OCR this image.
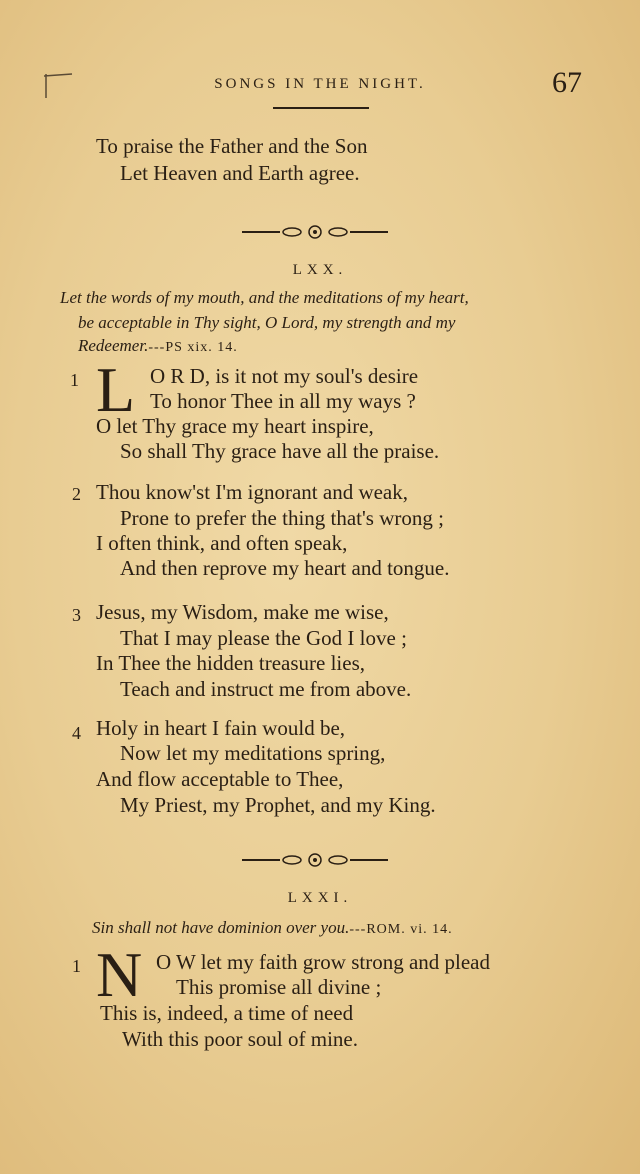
SONGS IN THE NIGHT.	67
To praise the Father and the Son
Let Heaven and Earth agree.
LXX.
Let the words of my mouth, and the meditations of my heart,
be acceptable in Thy sight, O Lord, my strength and my
Redeemer.---PS xix. 14.
1 L O R D, is it not my soul's desire
To honor Thee in all my ways ?
O let Thy grace my heart inspire,
So shall Thy grace have all the praise.
2 Thou know'st I'm ignorant and weak,
Prone to prefer the thing that's wrong ;
I often think, and often speak,
And then reprove my heart and tongue.
3 Jesus, my Wisdom, make me wise,
That I may please the God I love ;
In Thee the hidden treasure lies,
Teach and instruct me from above.
4 Holy in heart I fain would be,
Now let my meditations spring,
And flow acceptable to Thee,
My Priest, my Prophet, and my King.
LXXI.
Sin shall not have dominion over you.---ROM. vi. 14.
1 N O W let my faith grow strong and plead
This promise all divine ;
This is, indeed, a time of need
With this poor soul of mine.
